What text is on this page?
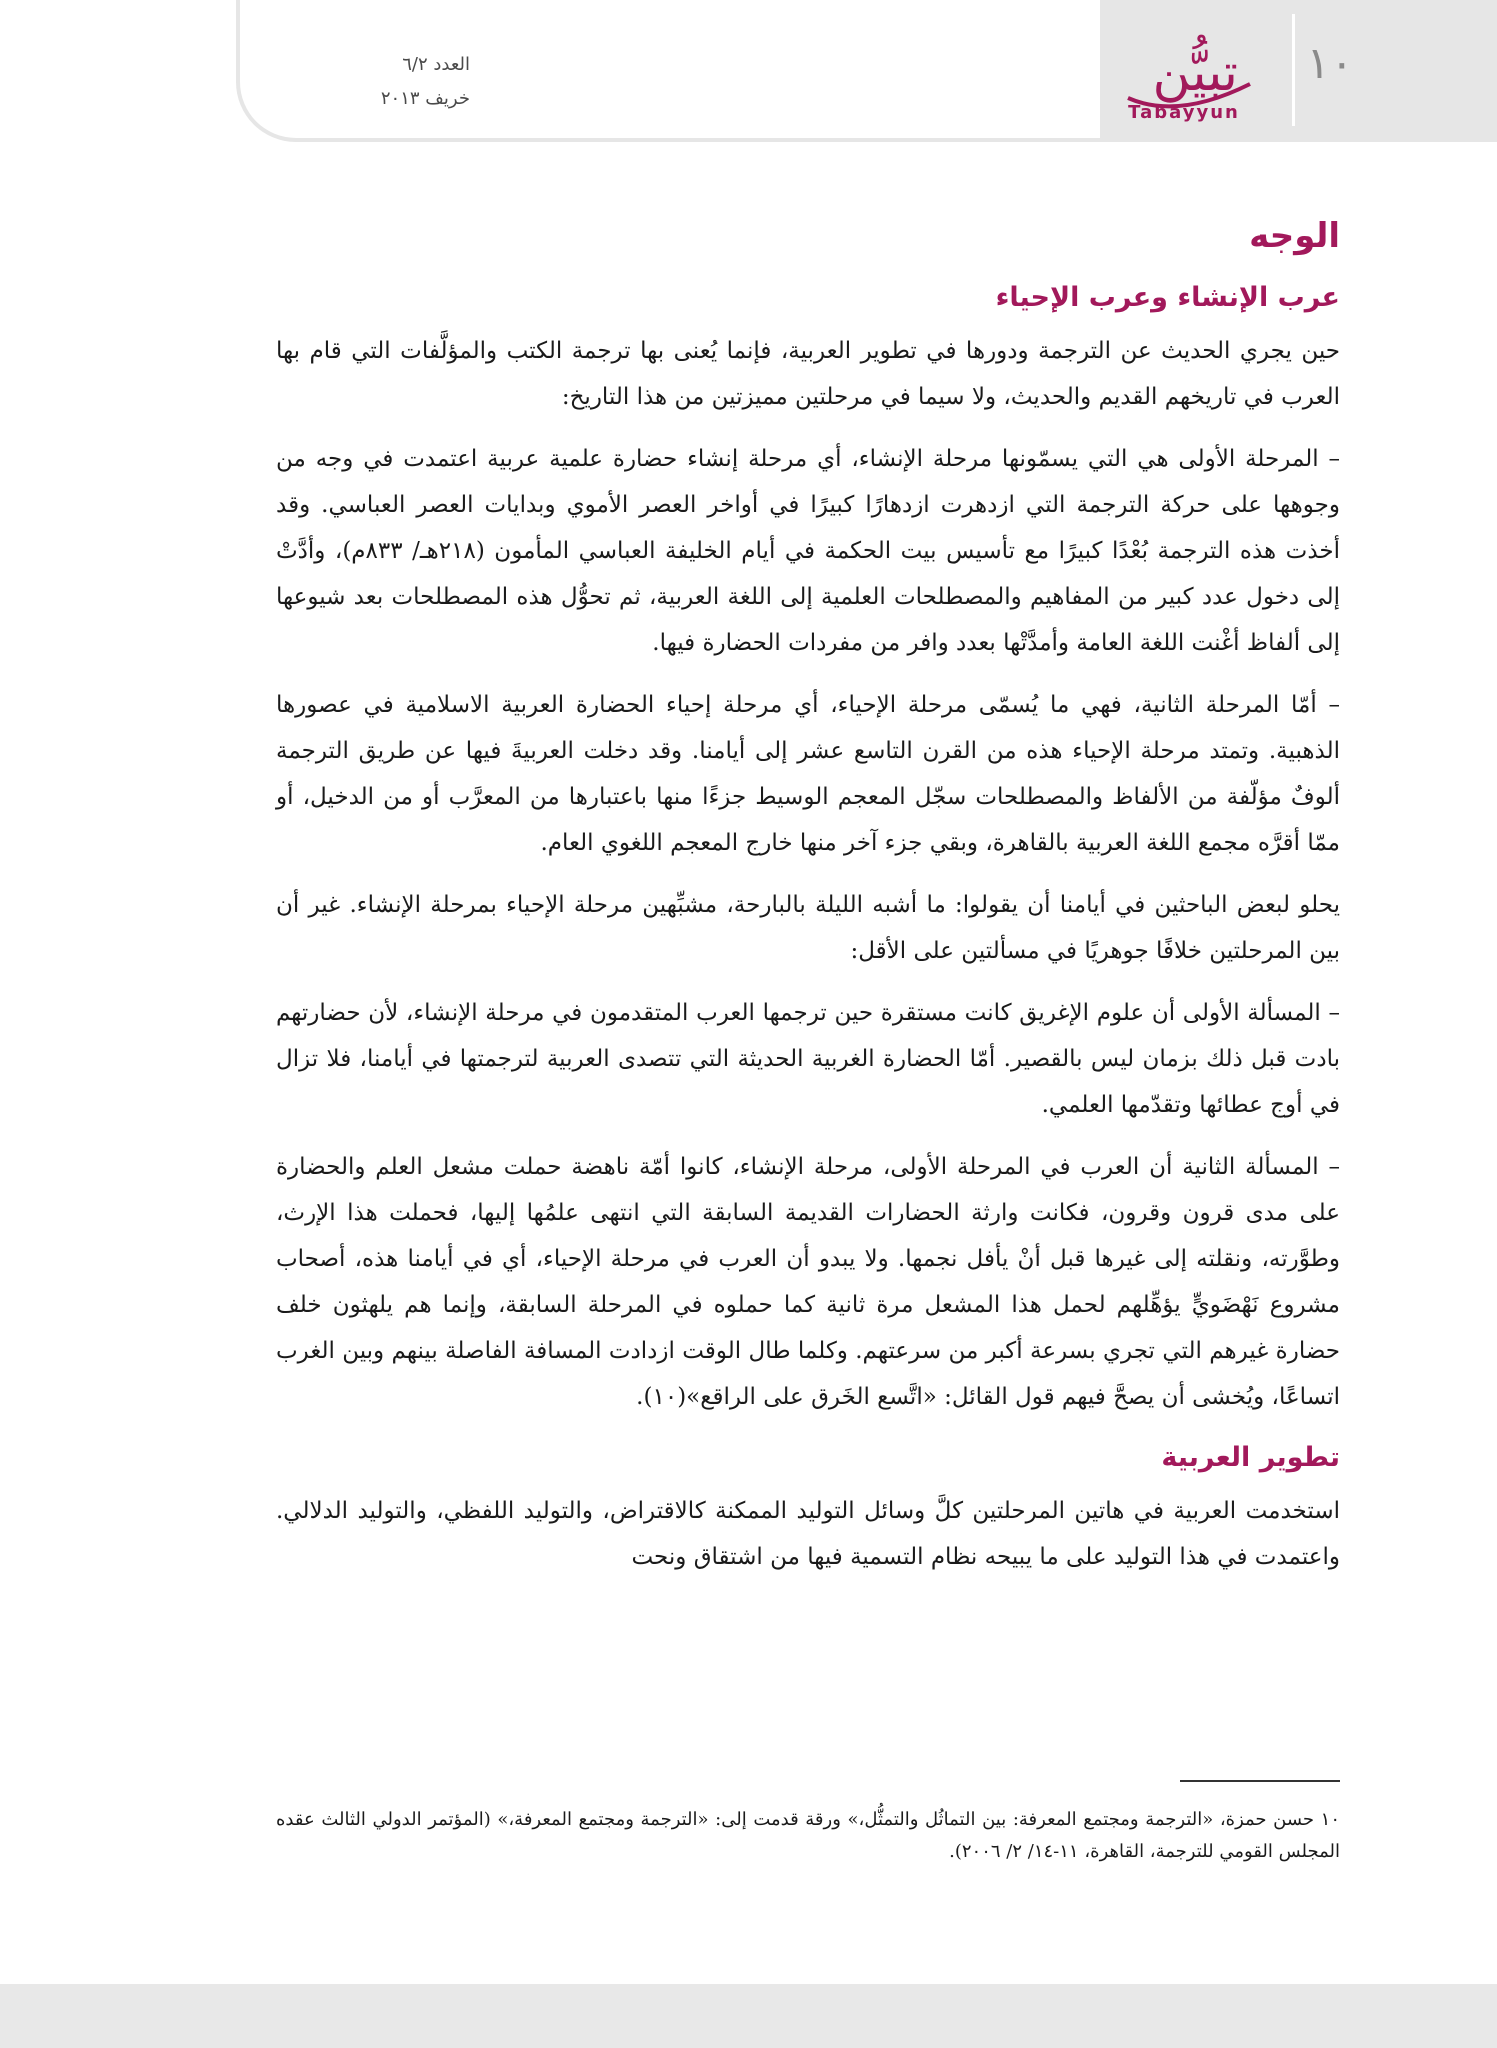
العدد ٦/٢
خريف ٢٠١٣	تبيُّن
Tabayyun
١٠
الوجه
عرب الإنشاء وعرب الإحياء

حين يجري الحديث عن الترجمة ودورها في تطوير العربية، فإنما يُعنى بها ترجمة الكتب والمؤلَّفات التي قام بها العرب في تاريخهم القديم والحديث، ولا سيما في مرحلتين مميزتين من هذا التاريخ:

– المرحلة الأولى هي التي يسمّونها مرحلة الإنشاء، أي مرحلة إنشاء حضارة علمية عربية اعتمدت في وجه من وجوهها على حركة الترجمة التي ازدهرت ازدهارًا كبيرًا في أواخر العصر الأموي وبدايات العصر العباسي. وقد أخذت هذه الترجمة بُعْدًا كبيرًا مع تأسيس بيت الحكمة في أيام الخليفة العباسي المأمون (٢١٨هـ/ ٨٣٣م)، وأدَّتْ إلى دخول عدد كبير من المفاهيم والمصطلحات العلمية إلى اللغة العربية، ثم تحوُّل هذه المصطلحات بعد شيوعها إلى ألفاظ أغْنت اللغة العامة وأمدَّتْها بعدد وافر من مفردات الحضارة فيها.

– أمّا المرحلة الثانية، فهي ما يُسمّى مرحلة الإحياء، أي مرحلة إحياء الحضارة العربية الاسلامية في عصورها الذهبية. وتمتد مرحلة الإحياء هذه من القرن التاسع عشر إلى أيامنا. وقد دخلت العربيةَ فيها عن طريق الترجمة ألوفٌ مؤلّفة من الألفاظ والمصطلحات سجّل المعجم الوسيط جزءًا منها باعتبارها من المعرَّب أو من الدخيل، أو ممّا أقرَّه مجمع اللغة العربية بالقاهرة، وبقي جزء آخر منها خارج المعجم اللغوي العام.

يحلو لبعض الباحثين في أيامنا أن يقولوا: ما أشبه الليلة بالبارحة، مشبِّهين مرحلة الإحياء بمرحلة الإنشاء. غير أن بين المرحلتين خلافًا جوهريًا في مسألتين على الأقل:

– المسألة الأولى أن علوم الإغريق كانت مستقرة حين ترجمها العرب المتقدمون في مرحلة الإنشاء، لأن حضارتهم بادت قبل ذلك بزمان ليس بالقصير. أمّا الحضارة الغربية الحديثة التي تتصدى العربية لترجمتها في أيامنا، فلا تزال في أوج عطائها وتقدّمها العلمي.

– المسألة الثانية أن العرب في المرحلة الأولى، مرحلة الإنشاء، كانوا أمّة ناهضة حملت مشعل العلم والحضارة على مدى قرون وقرون، فكانت وارثة الحضارات القديمة السابقة التي انتهى علمُها إليها، فحملت هذا الإرث، وطوَّرته، ونقلته إلى غيرها قبل أنْ يأفل نجمها. ولا يبدو أن العرب في مرحلة الإحياء، أي في أيامنا هذه، أصحاب مشروع نَهْضَويٍّ يؤهِّلهم لحمل هذا المشعل مرة ثانية كما حملوه في المرحلة السابقة، وإنما هم يلهثون خلف حضارة غيرهم التي تجري بسرعة أكبر من سرعتهم. وكلما طال الوقت ازدادت المسافة الفاصلة بينهم وبين الغرب اتساعًا، ويُخشى أن يصحَّ فيهم قول القائل: «اتَّسع الخَرق على الراقع»(١٠).

تطوير العربية

استخدمت العربية في هاتين المرحلتين كلَّ وسائل التوليد الممكنة كالاقتراض، والتوليد اللفظي، والتوليد الدلالي. واعتمدت في هذا التوليد على ما يبيحه نظام التسمية فيها من اشتقاق ونحت

١٠ حسن حمزة، «الترجمة ومجتمع المعرفة: بين التماثُل والتمثُّل،» ورقة قدمت إلى: «الترجمة ومجتمع المعرفة،» (المؤتمر الدولي الثالث عقده المجلس القومي للترجمة، القاهرة، ١١-١٤/ ٢/ ٢٠٠٦).
